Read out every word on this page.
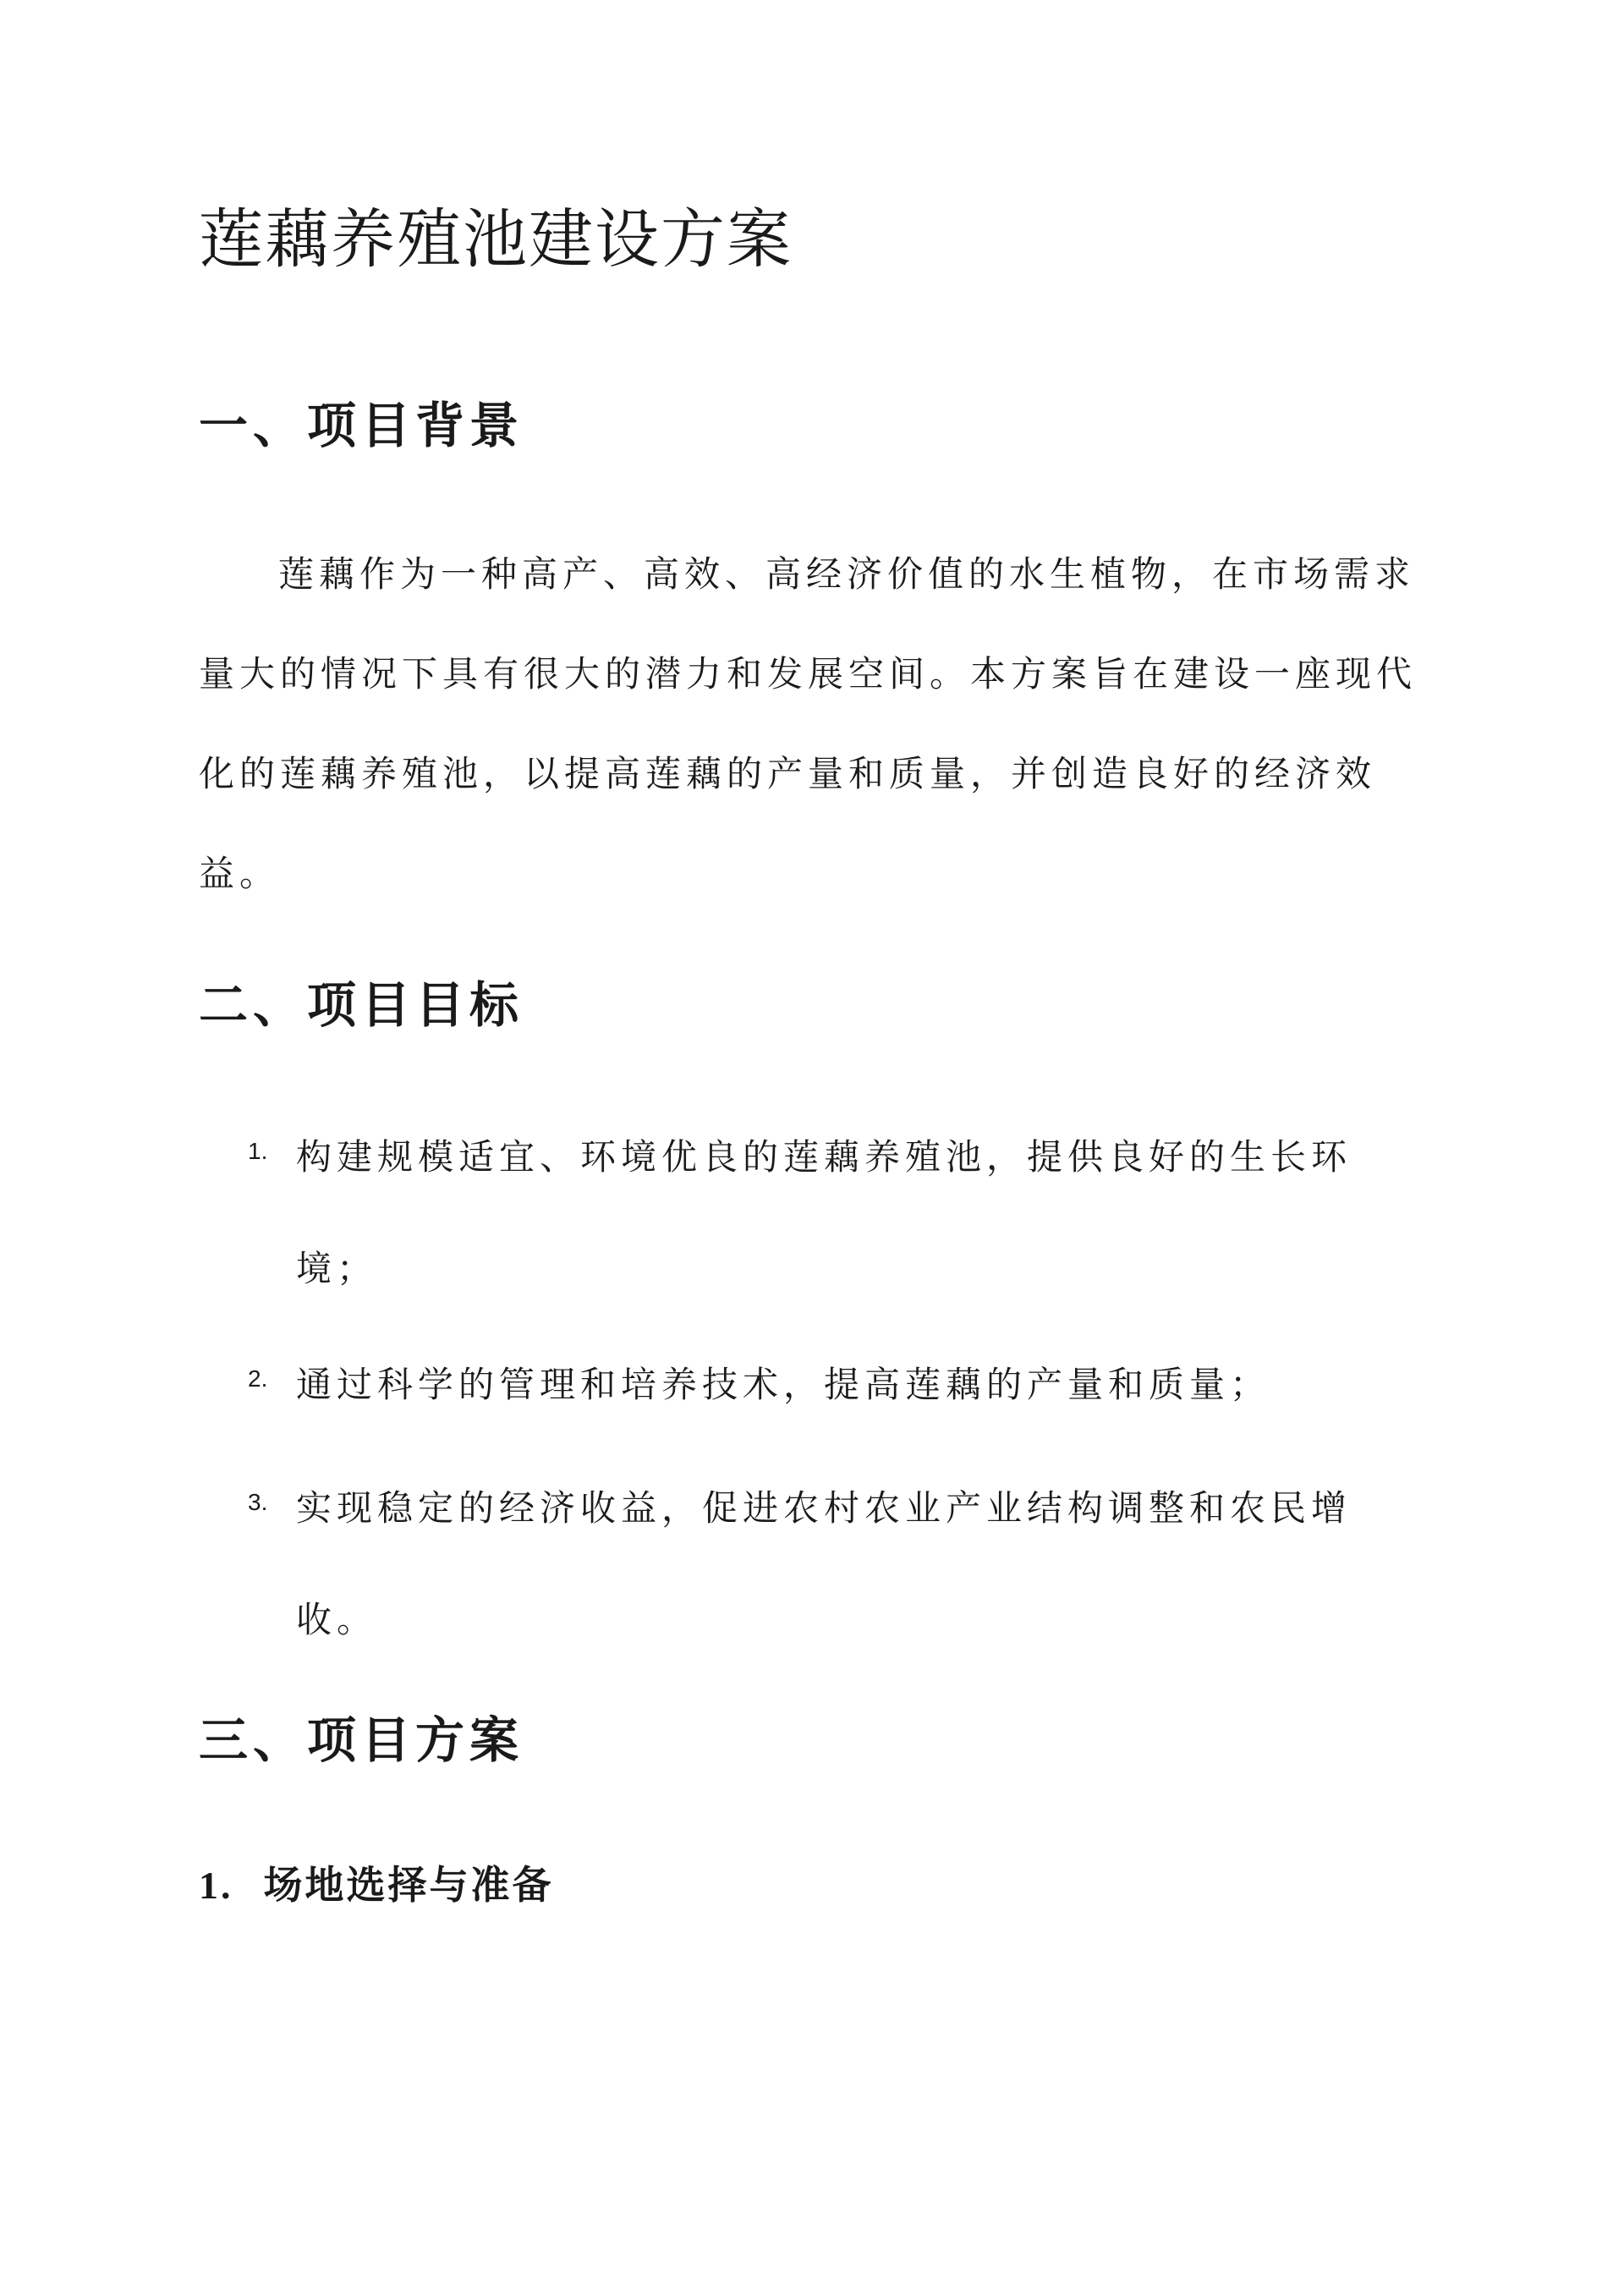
莲藕养殖池建设方案
一、项目背景

莲藕作为一种高产、高效、高经济价值的水生植物，在市场需求量大的情况下具有很大的潜力和发展空间。本方案旨在建设一座现代化的莲藕养殖池，以提高莲藕的产量和质量，并创造良好的经济效益。

二、项目目标
1. 构建规模适宜、环境优良的莲藕养殖池，提供良好的生长环境；

2. 通过科学的管理和培养技术，提高莲藕的产量和质量；

3. 实现稳定的经济收益，促进农村农业产业结构调整和农民增收。

三、项目方案
1. 场地选择与准备
